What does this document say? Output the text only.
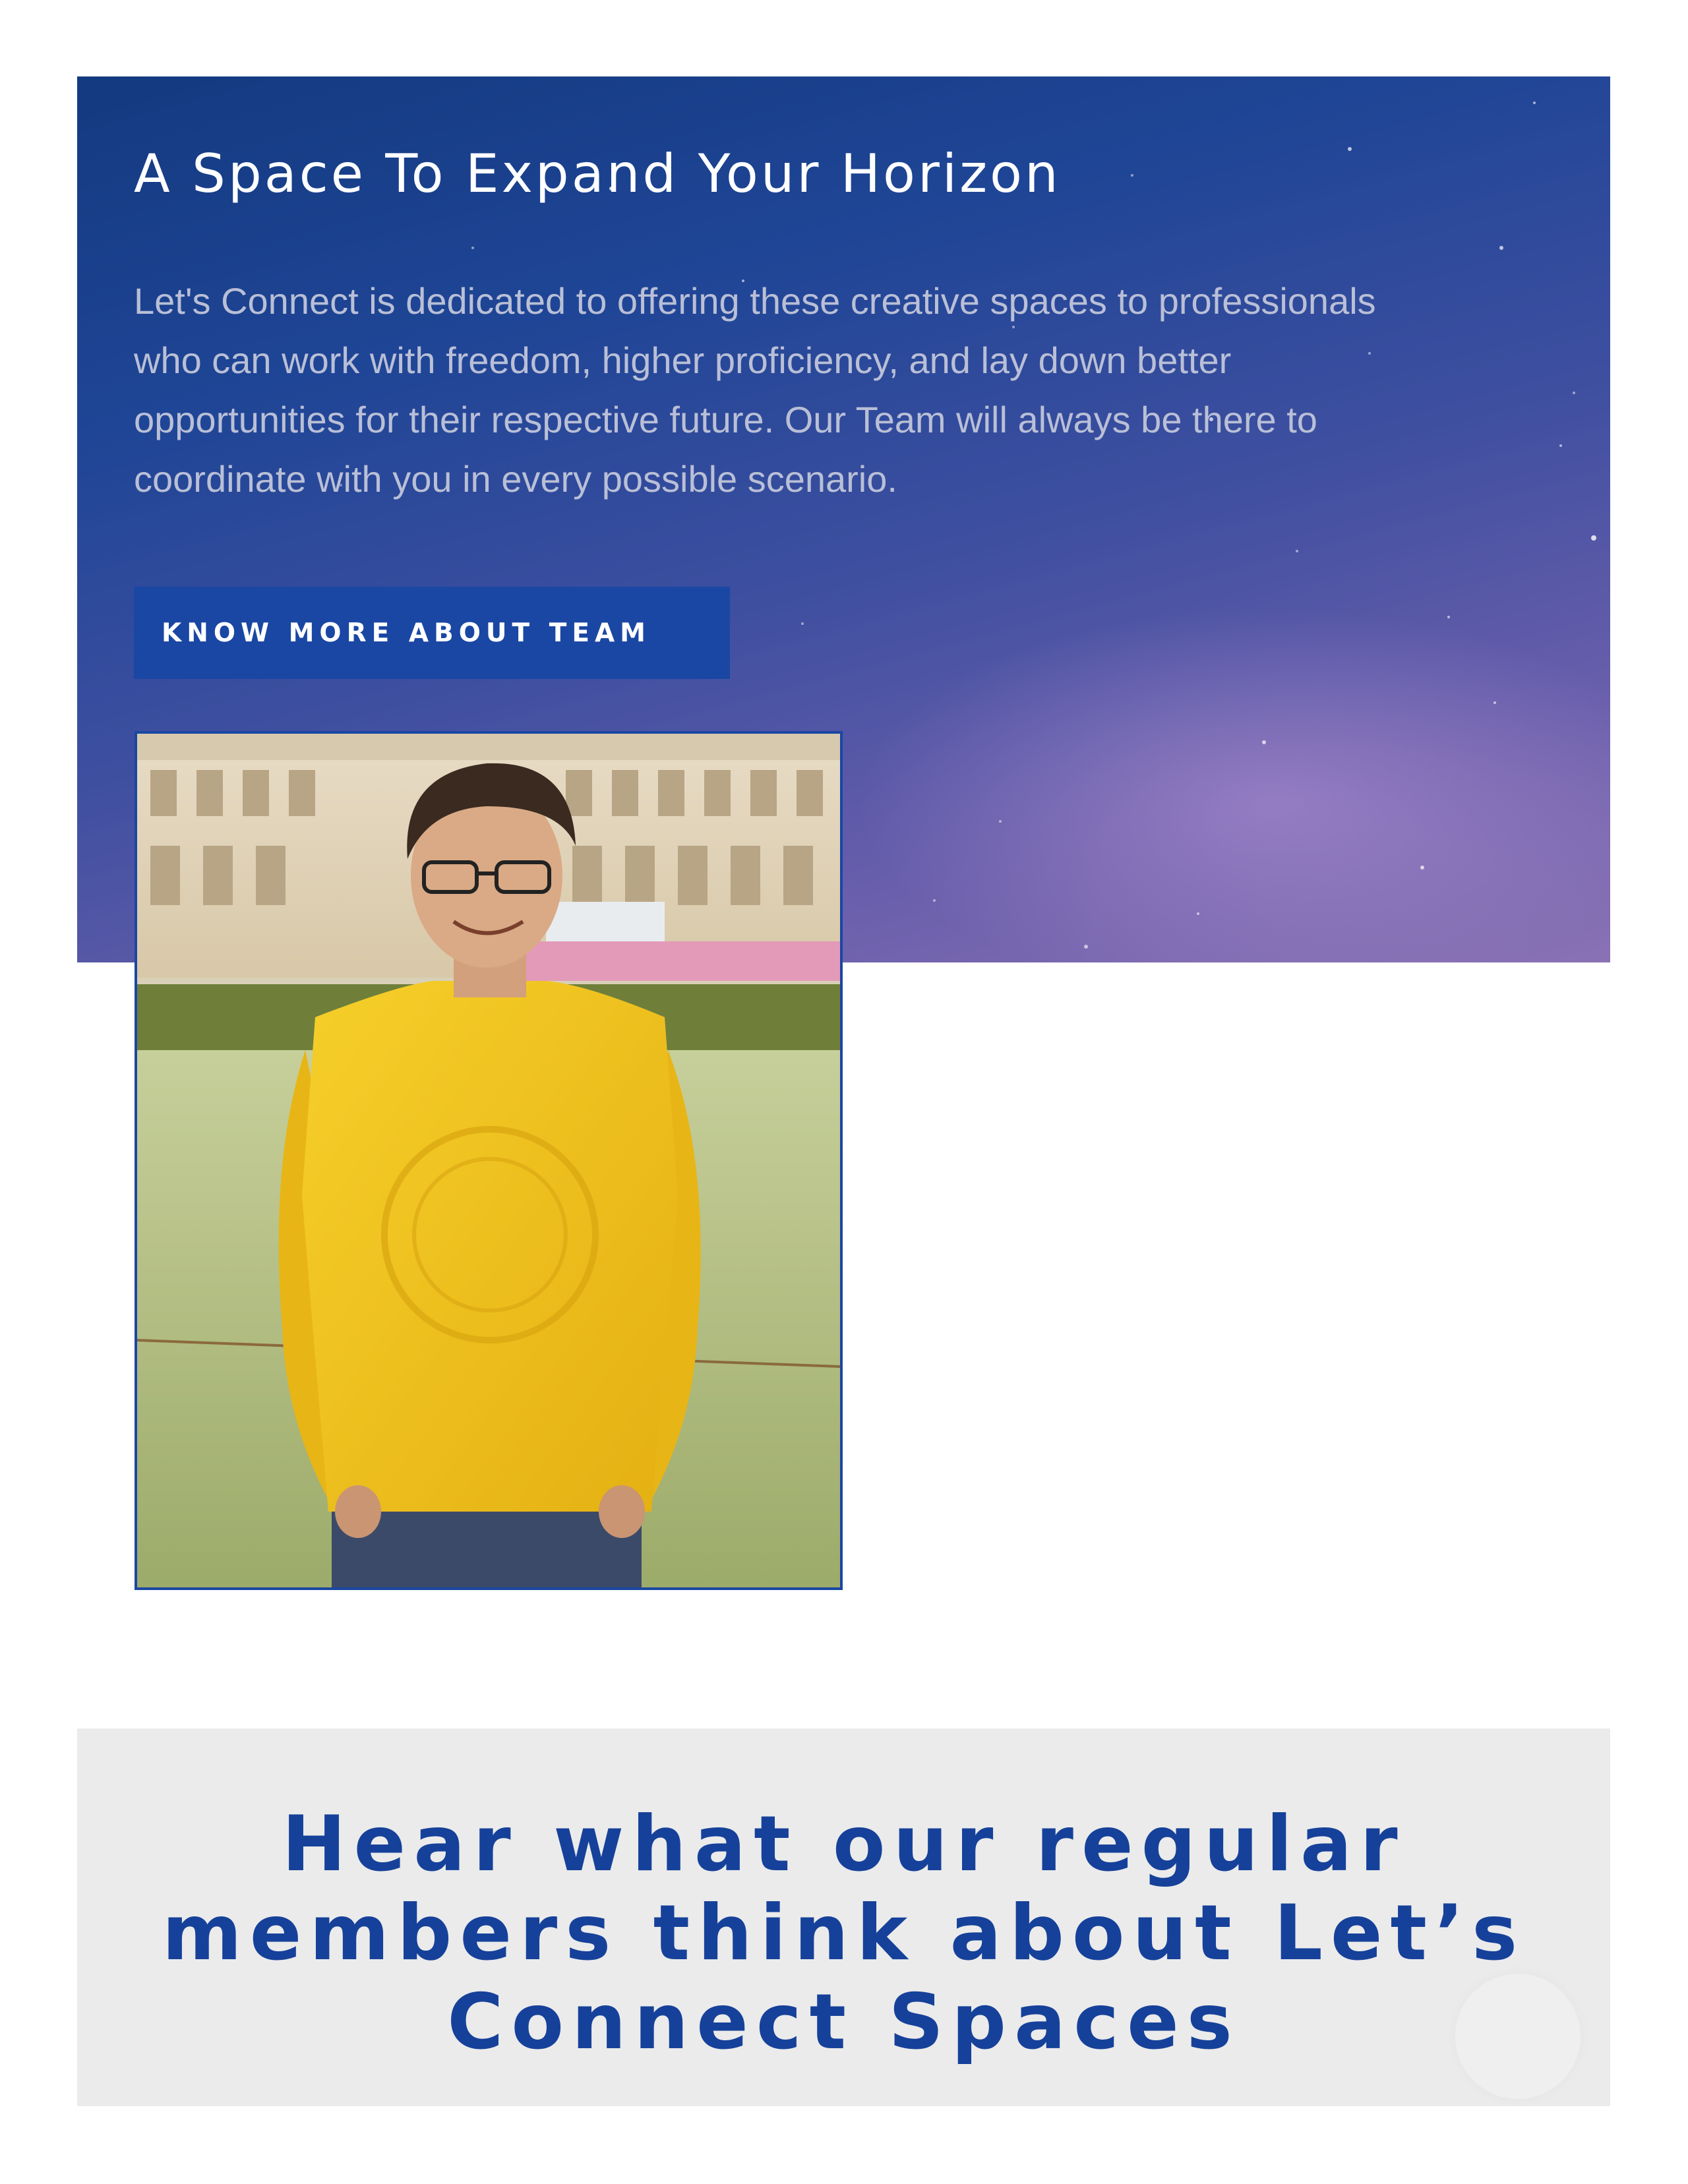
A Space To Expand Your Horizon

Let's Connect is dedicated to offering these creative spaces to professionals who can work with freedom, higher proficiency, and lay down better opportunities for their respective future. Our Team will always be there to coordinate with you in every possible scenario.

KNOW MORE ABOUT TEAM
Hear what our regular members think about Let’s Connect Spaces
